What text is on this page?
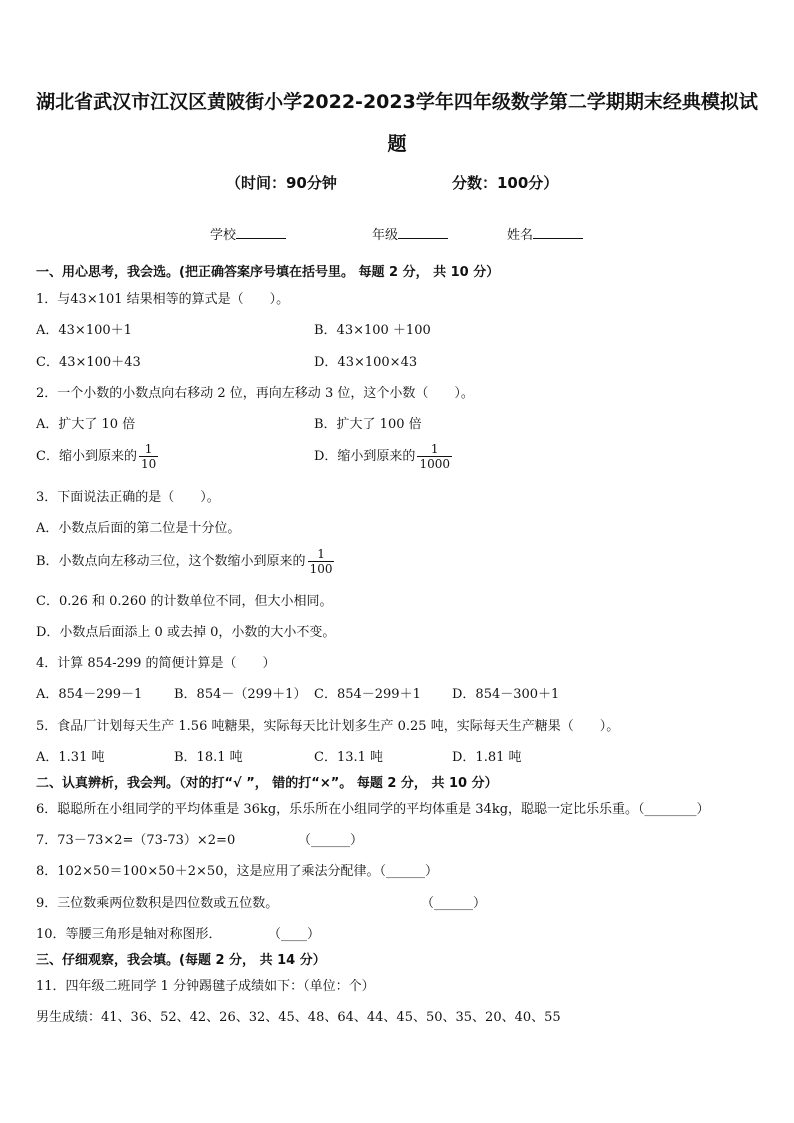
湖北省武汉市江汉区黄陂街小学2022-2023学年四年级数学第二学期期末经典模拟试
题
（时间：90分钟	分数：100分）
学校	年级	姓名
一、用心思考，我会选。(把正确答案序号填在括号里。 每题 2 分， 共 10 分）
1．与43×101 结果相等的算式是（　　）。
A．43×100＋1	B．43×100 ＋100
C．43×100＋43	D．43×100×43
2．一个小数的小数点向右移动 2 位，再向左移动 3 位，这个小数（　　）。
A．扩大了 10 倍	B．扩大了 100 倍
C．缩小到原来的 $\frac{1}{10}$	D．缩小到原来的 $\frac{1}{1000}$
3．下面说法正确的是（　　）。
A．小数点后面的第二位是十分位。
B．小数点向左移动三位，这个数缩小到原来的 $\frac{1}{100}$
C．0.26 和 0.260 的计数单位不同，但大小相同。
D．小数点后面添上 0 或去掉 0，小数的大小不变。
4．计算 854-299 的简便计算是（　　）
A．854－299－1 B．854－（299＋1） C．854－299＋1 D．854－300＋1
5．食品厂计划每天生产 1.56 吨糖果，实际每天比计划多生产 0.25 吨，实际每天生产糖果（　　）。
A．1.31 吨	B．18.1 吨	C．13.1 吨	D．1.81 吨
二、认真辨析，我会判。（对的打“√ ”， 错的打“×”。 每题 2 分， 共 10 分）
6．聪聪所在小组同学的平均体重是 36kg，乐乐所在小组同学的平均体重是 34kg，聪聪一定比乐乐重。（________）
7．73－73×2=（73-73）×2=0	（______）
8．102×50＝100×50＋2×50，这是应用了乘法分配律。（______）
9．三位数乘两位数积是四位数或五位数。	（______）
10．等腰三角形是轴对称图形．	（____）
三、仔细观察，我会填。(每题 2 分， 共 14 分）
11．四年级二班同学 1 分钟踢毽子成绩如下：（单位：个）
男生成绩：41、36、52、42、26、32、45、48、64、44、45、50、35、20、40、55
